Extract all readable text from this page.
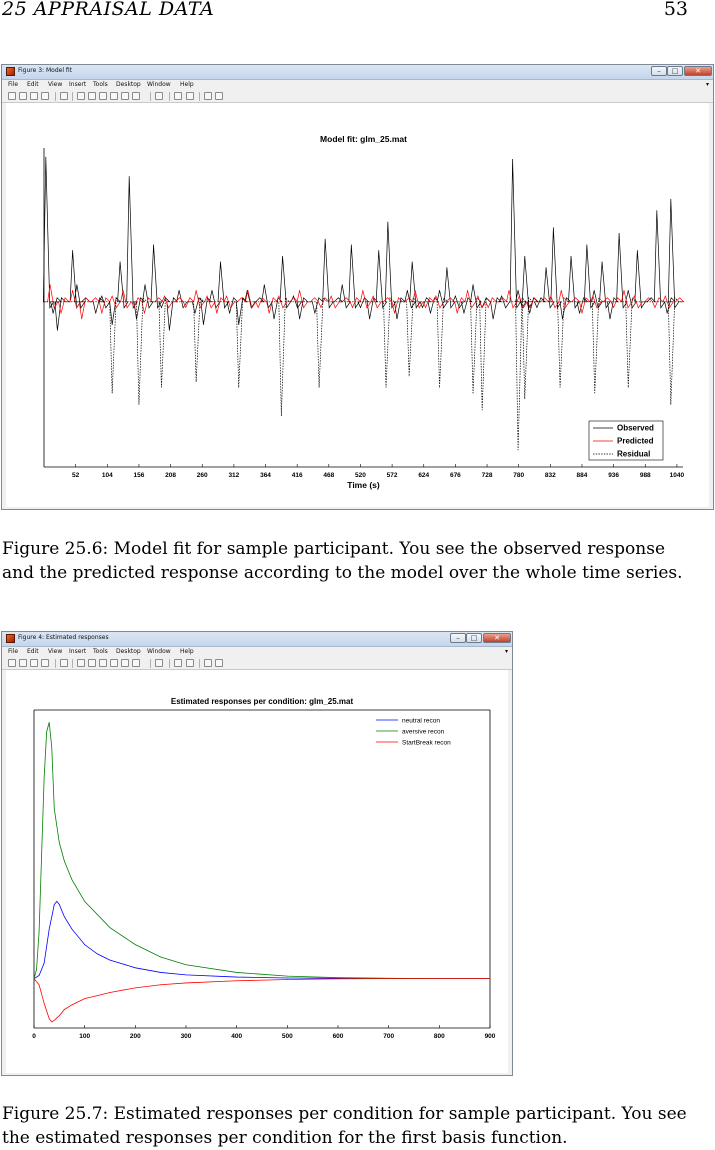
25 APPRAISAL DATA	53
Figure 3: Model fit	–	□	✕
File Edit View Insert Tools Desktop Window Help	▾
Model fit: glm_25.mat
52	104	156	208	260	312	364	416	468	520	572	624	676	728	780	832	884	936	988	1040
Time (s)
Observed
Predicted
Residual
Figure 25.6: Model fit for sample participant. You see the observed response and the predicted response according to the model over the whole time series.
Figure 4: Estimated responses	–	□	✕
File Edit View Insert Tools Desktop Window Help	▾
Estimated responses per condition: glm_25.mat
0	100	200	300	400	500	600	700	800	900
neutral recon
aversive recon
StartBreak recon
Figure 25.7: Estimated responses per condition for sample participant. You see the estimated responses per condition for the first basis function.
